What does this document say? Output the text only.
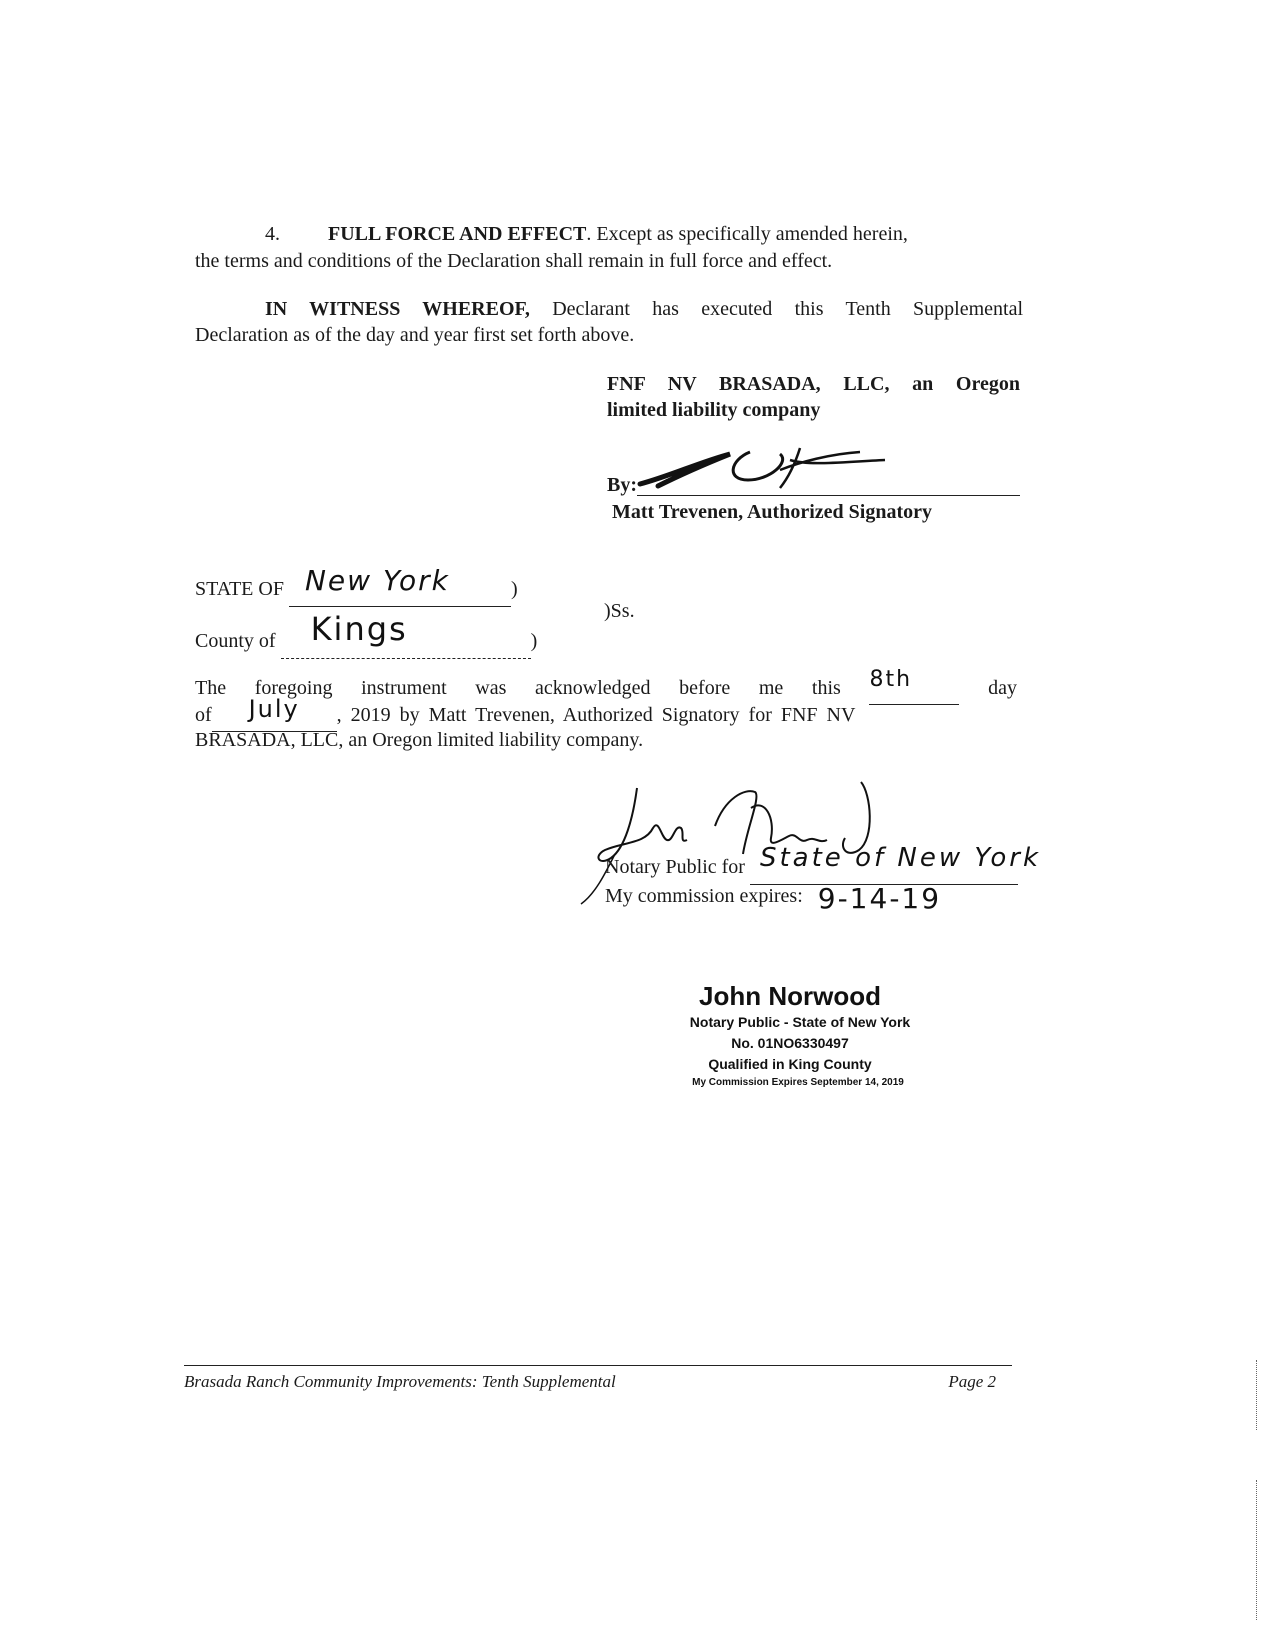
4. FULL FORCE AND EFFECT. Except as specifically amended herein,
the terms and conditions of the Declaration shall remain in full force and effect.
IN WITNESS WHEREOF, Declarant has executed this Tenth Supplemental
Declaration as of the day and year first set forth above.
FNF NV BRASADA, LLC, an Oregon
limited liability company
By:
Matt Trevenen, Authorized Signatory
STATE OF New York	)
)Ss.
County of Kings	)
The foregoing instrument was acknowledged before me this 8th	day
of July , 2019 by Matt Trevenen, Authorized Signatory for FNF NV
BRASADA, LLC, an Oregon limited liability company.
Notary Public for State of New York
My commission expires: 9-14-19
John Norwood
Notary Public - State of New York
No. 01NO6330497
Qualified in King County
My Commission Expires September 14, 2019
Brasada Ranch Community Improvements: Tenth Supplemental	Page 2
